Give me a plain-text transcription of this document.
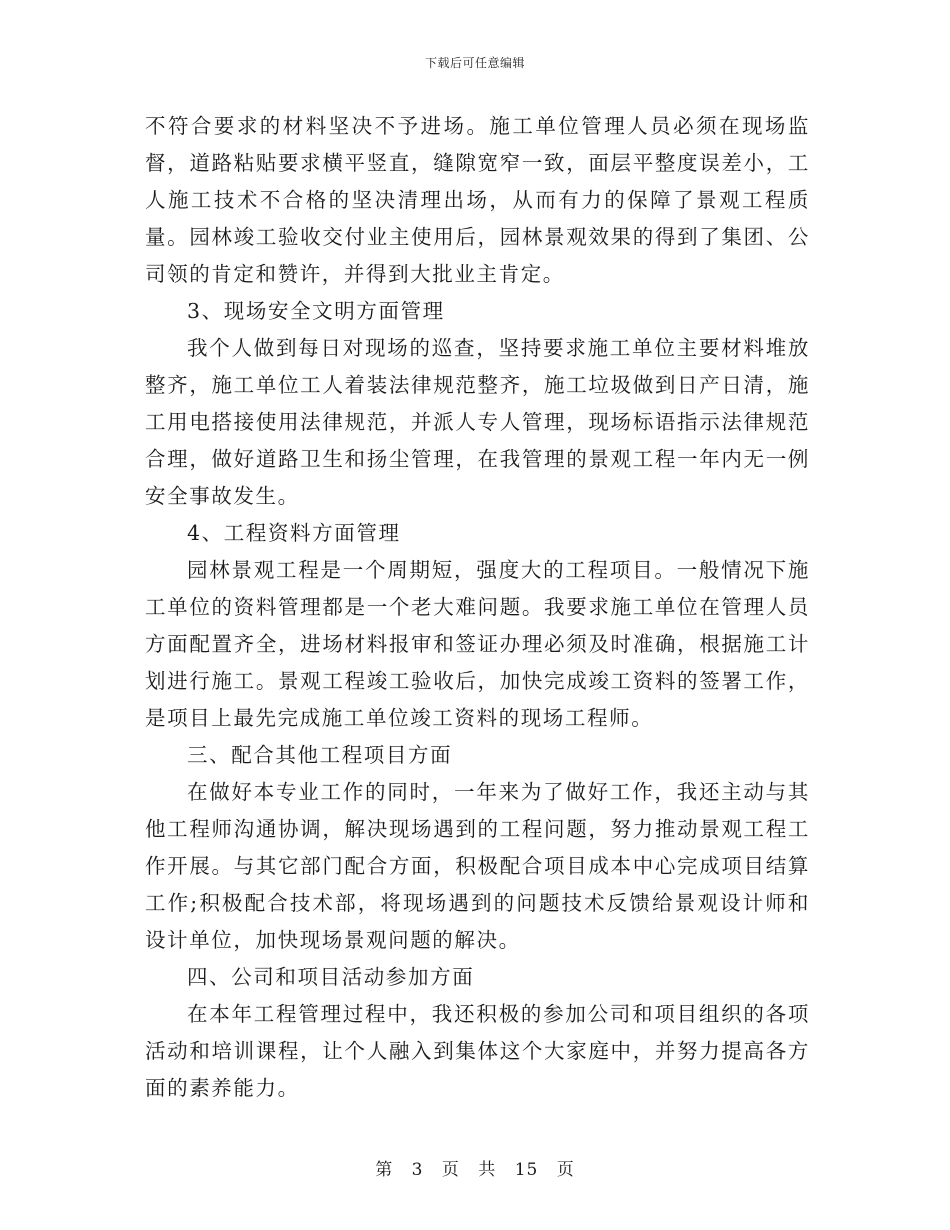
下载后可任意编辑

不符合要求的材料坚决不予进场。施工单位管理人员必须在现场监督，道路粘贴要求横平竖直，缝隙宽窄一致，面层平整度误差小，工人施工技术不合格的坚决清理出场，从而有力的保障了景观工程质量。园林竣工验收交付业主使用后，园林景观效果的得到了集团、公司领的肯定和赞许，并得到大批业主肯定。

3、现场安全文明方面管理

我个人做到每日对现场的巡查，坚持要求施工单位主要材料堆放整齐，施工单位工人着装法律规范整齐，施工垃圾做到日产日清，施工用电搭接使用法律规范，并派人专人管理，现场标语指示法律规范合理，做好道路卫生和扬尘管理，在我管理的景观工程一年内无一例安全事故发生。

4、工程资料方面管理

园林景观工程是一个周期短，强度大的工程项目。一般情况下施工单位的资料管理都是一个老大难问题。我要求施工单位在管理人员方面配置齐全，进场材料报审和签证办理必须及时准确，根据施工计划进行施工。景观工程竣工验收后，加快完成竣工资料的签署工作，是项目上最先完成施工单位竣工资料的现场工程师。

三、配合其他工程项目方面

在做好本专业工作的同时，一年来为了做好工作，我还主动与其他工程师沟通协调，解决现场遇到的工程问题，努力推动景观工程工作开展。与其它部门配合方面，积极配合项目成本中心完成项目结算工作;积极配合技术部，将现场遇到的问题技术反馈给景观设计师和设计单位，加快现场景观问题的解决。

四、公司和项目活动参加方面

在本年工程管理过程中，我还积极的参加公司和项目组织的各项活动和培训课程，让个人融入到集体这个大家庭中，并努力提高各方面的素养能力。

第 3 页 共 15 页
